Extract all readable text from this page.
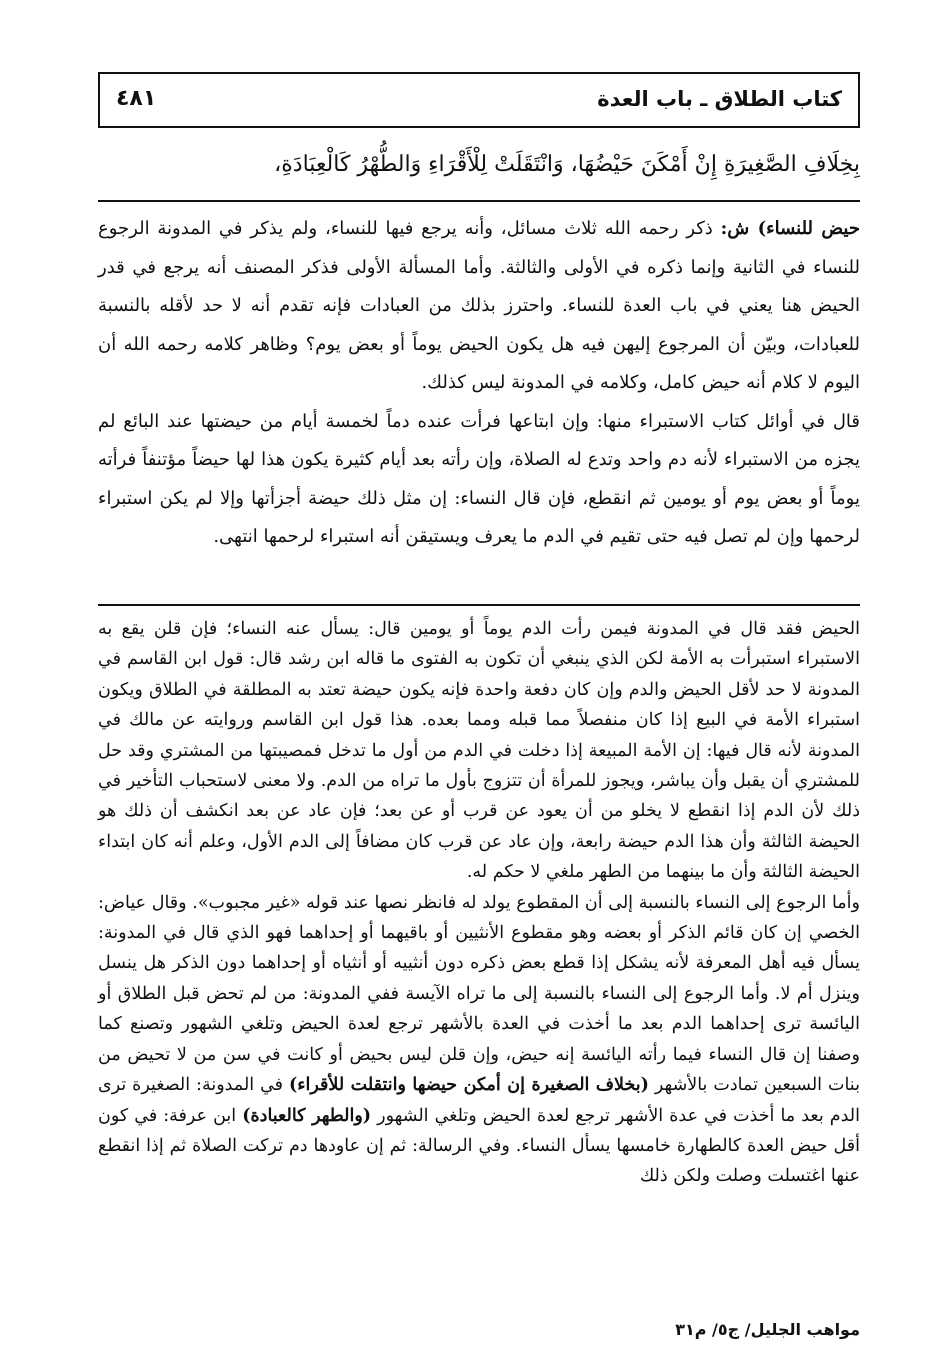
كتاب الطلاق ـ باب العدة
٤٨١
بِخِلَافِ الصَّغِيرَةِ إِنْ أَمْكَنَ حَيْضُهَا، وَانْتَقَلَتْ لِلْأَقْرَاءِ وَالطُّهْرُ كَالْعِبَادَةِ،

حيض للنساء) ش: ذكر رحمه الله ثلاث مسائل، وأنه يرجع فيها للنساء، ولم يذكر في المدونة الرجوع للنساء في الثانية وإنما ذكره في الأولى والثالثة. وأما المسألة الأولى فذكر المصنف أنه يرجع في قدر الحيض هنا يعني في باب العدة للنساء. واحترز بذلك من العبادات فإنه تقدم أنه لا حد لأقله بالنسبة للعبادات، وبيّن أن المرجوع إليهن فيه هل يكون الحيض يوماً أو بعض يوم؟ وظاهر كلامه رحمه الله أن اليوم لا كلام أنه حيض كامل، وكلامه في المدونة ليس كذلك.

قال في أوائل كتاب الاستبراء منها: وإن ابتاعها فرأت عنده دماً لخمسة أيام من حيضتها عند البائع لم يجزه من الاستبراء لأنه دم واحد وتدع له الصلاة، وإن رأته بعد أيام كثيرة يكون هذا لها حيضاً مؤتنفاً فرأته يوماً أو بعض يوم أو يومين ثم انقطع، فإن قال النساء: إن مثل ذلك حيضة أجزأتها وإلا لم يكن استبراء لرحمها وإن لم تصل فيه حتى تقيم في الدم ما يعرف ويستيقن أنه استبراء لرحمها انتهى.

الحيض فقد قال في المدونة فيمن رأت الدم يوماً أو يومين قال: يسأل عنه النساء؛ فإن قلن يقع به الاستبراء استبرأت به الأمة لكن الذي ينبغي أن تكون به الفتوى ما قاله ابن رشد قال: قول ابن القاسم في المدونة لا حد لأقل الحيض والدم وإن كان دفعة واحدة فإنه يكون حيضة تعتد به المطلقة في الطلاق ويكون استبراء الأمة في البيع إذا كان منفصلاً مما قبله ومما بعده. هذا قول ابن القاسم وروايته عن مالك في المدونة لأنه قال فيها: إن الأمة المبيعة إذا دخلت في الدم من أول ما تدخل فمصيبتها من المشتري وقد حل للمشتري أن يقبل وأن يباشر، ويجوز للمرأة أن تتزوج بأول ما تراه من الدم. ولا معنى لاستحباب التأخير في ذلك لأن الدم إذا انقطع لا يخلو من أن يعود عن قرب أو عن بعد؛ فإن عاد عن بعد انكشف أن ذلك هو الحيضة الثالثة وأن هذا الدم حيضة رابعة، وإن عاد عن قرب كان مضافاً إلى الدم الأول، وعلم أنه كان ابتداء الحيضة الثالثة وأن ما بينهما من الطهر ملغي لا حكم له.

وأما الرجوع إلى النساء بالنسبة إلى أن المقطوع يولد له فانظر نصها عند قوله «غير مجبوب». وقال عياض: الخصي إن كان قائم الذكر أو بعضه وهو مقطوع الأنثيين أو باقيهما أو إحداهما فهو الذي قال في المدونة: يسأل فيه أهل المعرفة لأنه يشكل إذا قطع بعض ذكره دون أنثييه أو أنثياه أو إحداهما دون الذكر هل ينسل وينزل أم لا. وأما الرجوع إلى النساء بالنسبة إلى ما تراه الآيسة ففي المدونة: من لم تحض قبل الطلاق أو اليائسة ترى إحداهما الدم بعد ما أخذت في العدة بالأشهر ترجع لعدة الحيض وتلغي الشهور وتصنع كما وصفنا إن قال النساء فيما رأته اليائسة إنه حيض، وإن قلن ليس بحيض أو كانت في سن من لا تحيض من بنات السبعين تمادت بالأشهر (بخلاف الصغيرة إن أمكن حيضها وانتقلت للأقراء) في المدونة: الصغيرة ترى الدم بعد ما أخذت في عدة الأشهر ترجع لعدة الحيض وتلغي الشهور (والطهر كالعبادة) ابن عرفة: في كون أقل حيض العدة كالطهارة خامسها يسأل النساء. وفي الرسالة: ثم إن عاودها دم تركت الصلاة ثم إذا انقطع عنها اغتسلت وصلت ولكن ذلك

مواهب الجليل/ ج٥/ م٣١
